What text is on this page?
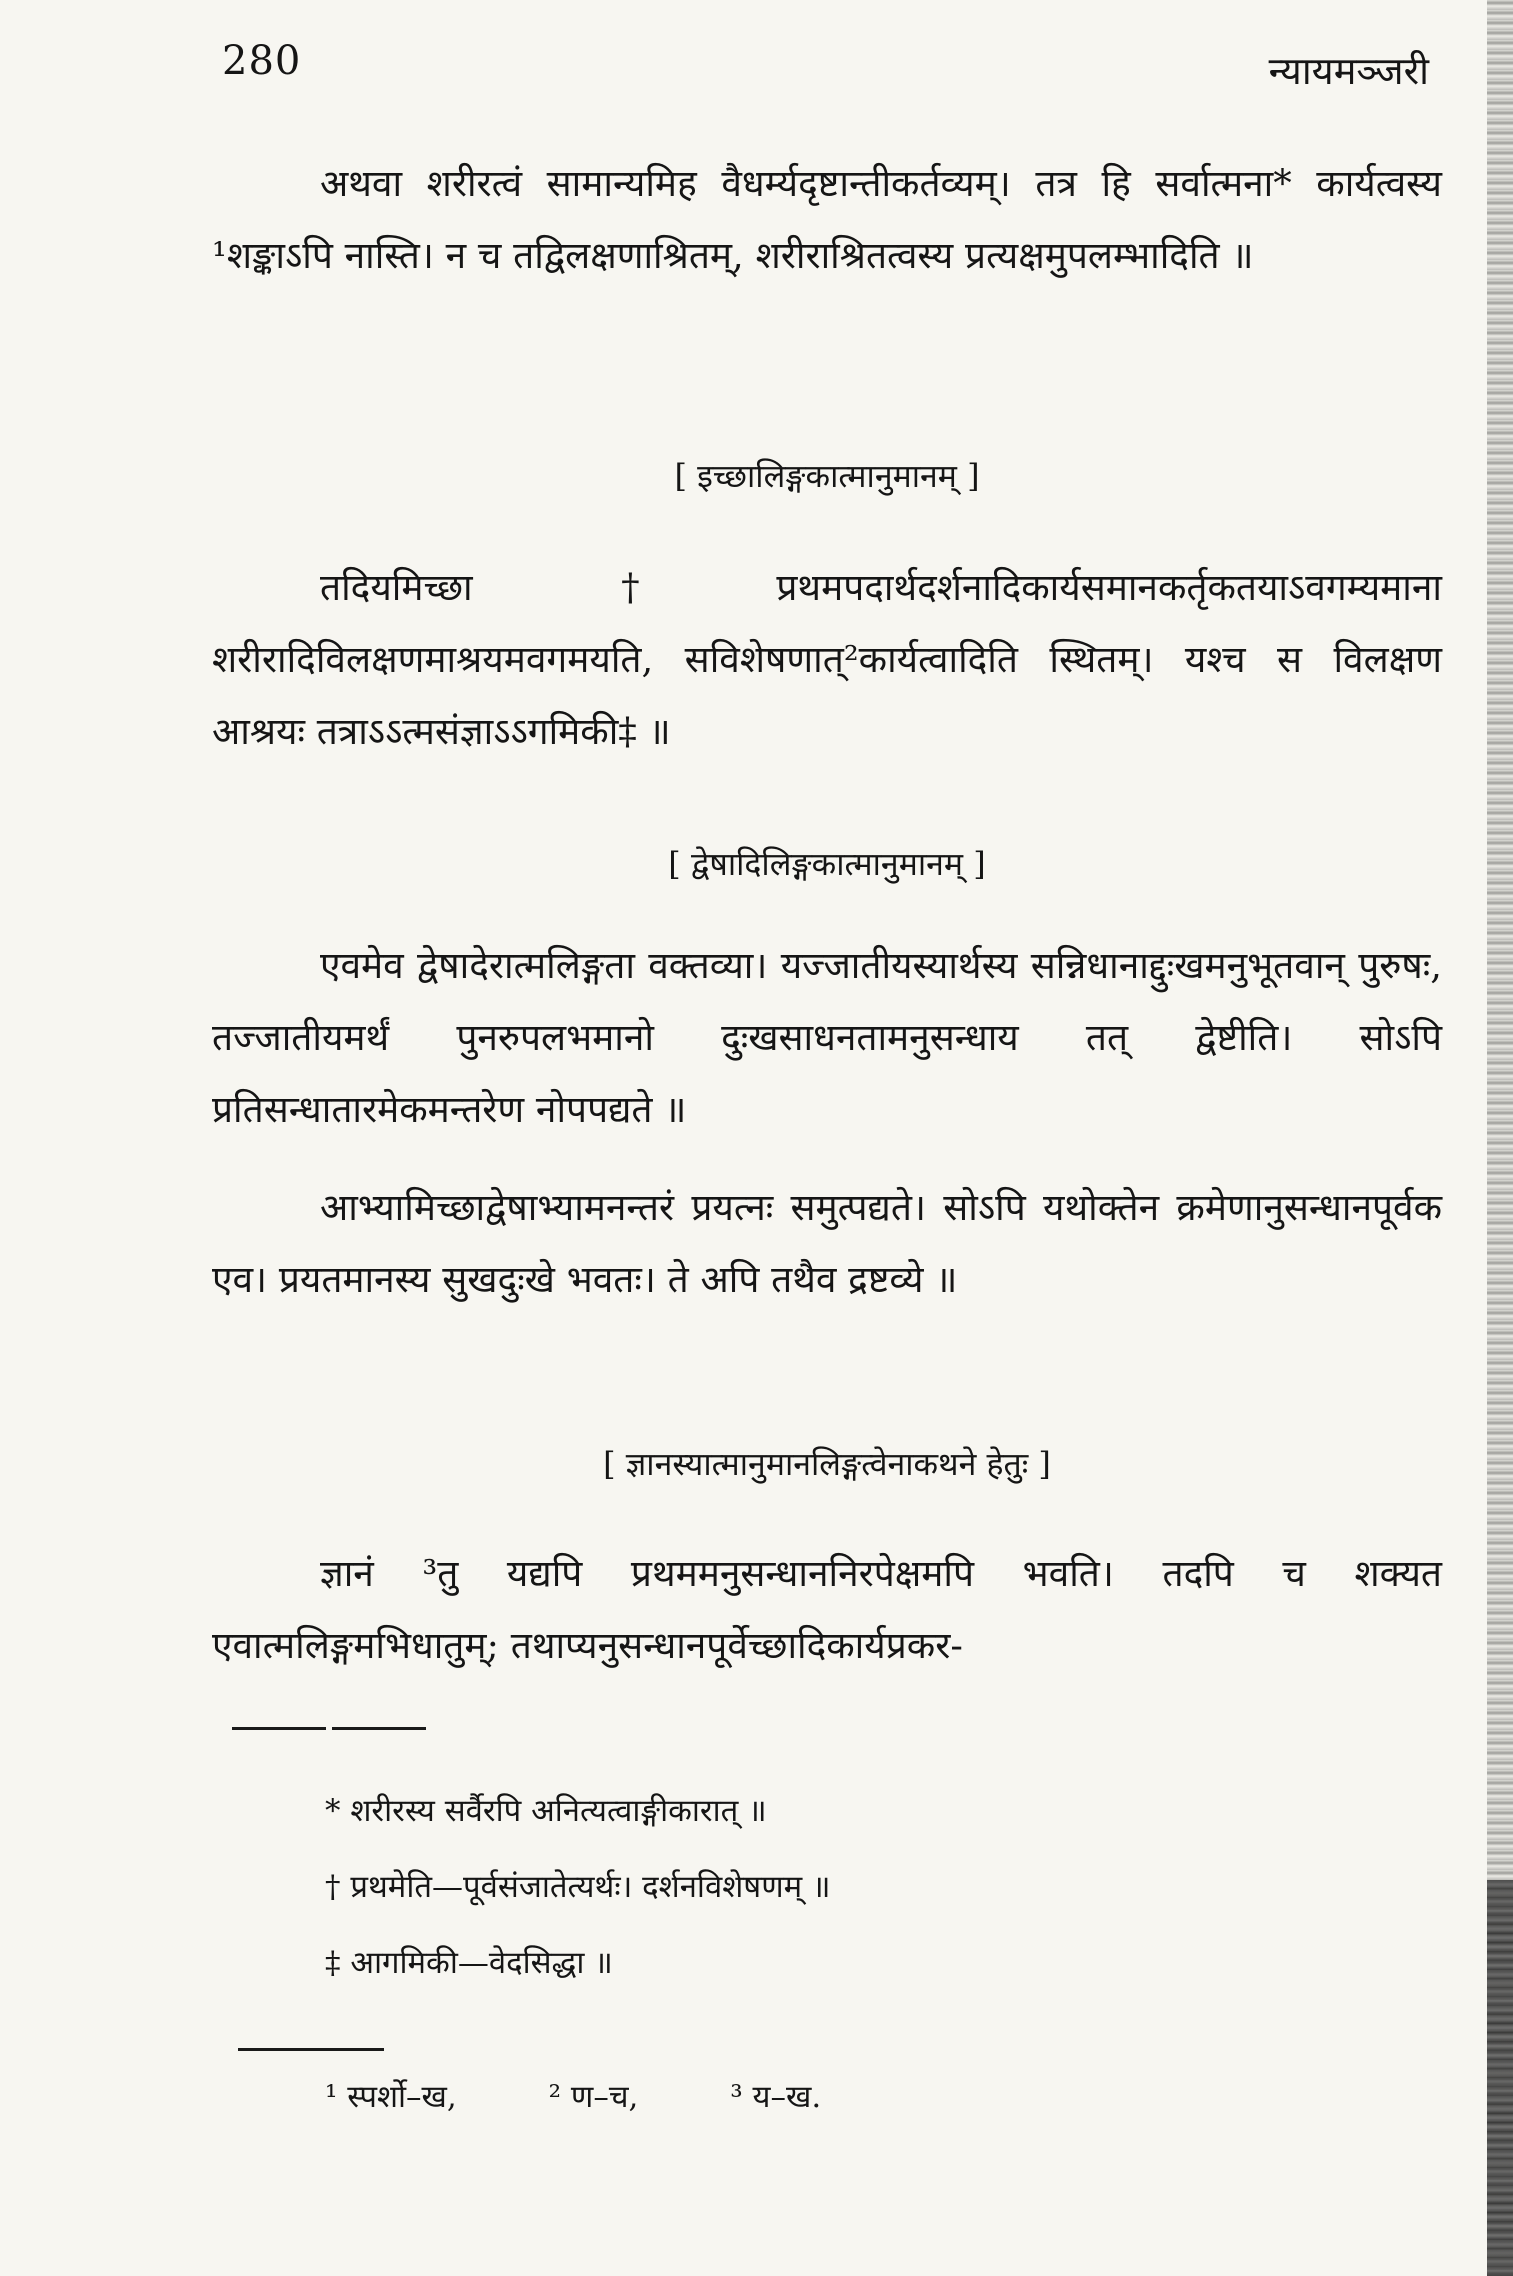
280	न्यायमञ्जरी

अथवा शरीरत्वं सामान्यमिह वैधर्म्यदृष्टान्तीकर्तव्यम्। तत्र हि सर्वात्मना* कार्यत्वस्य ¹शङ्काऽपि नास्ति। न च तद्विलक्षणाश्रितम्, शरीराश्रितत्वस्य प्रत्यक्षमुपलम्भादिति ॥

[ इच्छालिङ्गकात्मानुमानम् ]

तदियमिच्छा †प्रथमपदार्थदर्शनादिकार्यसमानकर्तृकतयाऽवगम्यमाना शरीरादिविलक्षणमाश्रयमवगमयति, सविशेषणात्²कार्यत्वादिति स्थितम्। यश्च स विलक्षण आश्रयः तत्राऽऽत्मसंज्ञाऽऽगमिकी‡ ॥

[ द्वेषादिलिङ्गकात्मानुमानम् ]

एवमेव द्वेषादेरात्मलिङ्गता वक्तव्या। यज्जातीयस्यार्थस्य सन्निधानाद्दुःखमनुभूतवान् पुरुषः, तज्जातीयमर्थं पुनरुपलभमानो दुःखसाधनतामनुसन्धाय तत् द्वेष्टीति। सोऽपि प्रतिसन्धातारमेकमन्तरेण नोपपद्यते ॥

आभ्यामिच्छाद्वेषाभ्यामनन्तरं प्रयत्नः समुत्पद्यते। सोऽपि यथोक्तेन क्रमेणानुसन्धानपूर्वक एव। प्रयतमानस्य सुखदुःखे भवतः। ते अपि तथैव द्रष्टव्ये ॥

[ ज्ञानस्यात्मानुमानलिङ्गत्वेनाकथने हेतुः ]

ज्ञानं ³तु यद्यपि प्रथममनुसन्धाननिरपेक्षमपि भवति। तदपि च शक्यत एवात्मलिङ्गमभिधातुम्; तथाप्यनुसन्धानपूर्वेच्छादिकार्यप्रकर-

* शरीरस्य सर्वैरपि अनित्यत्वाङ्गीकारात् ॥
† प्रथमेति—पूर्वसंजातेत्यर्थः। दर्शनविशेषणम् ॥
‡ आगमिकी—वेदसिद्धा ॥
¹ स्पर्शो–ख,	² ण–च,	³ य–ख.
